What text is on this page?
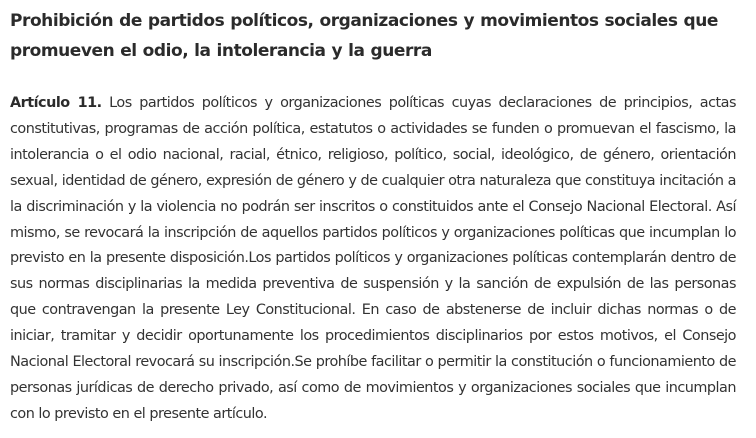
Prohibición de partidos políticos, organizaciones y movimientos sociales que promueven el odio, la intolerancia y la guerra

Artículo 11. Los partidos políticos y organizaciones políticas cuyas declaraciones de principios, actas constitutivas, programas de acción política, estatutos o actividades se funden o promuevan el fascismo, la intolerancia o el odio nacional, racial, étnico, religioso, político, social, ideológico, de género, orientación sexual, identidad de género, expresión de género y de cualquier otra naturaleza que constituya incitación a la discriminación y la violencia no podrán ser inscritos o constituidos ante el Consejo Nacional Electoral. Así mismo, se revocará la inscripción de aquellos partidos políticos y organizaciones políticas que incumplan lo previsto en la presente disposición.Los partidos políticos y organizaciones políticas contemplarán dentro de sus normas disciplinarias la medida preventiva de suspensión y la sanción de expulsión de las personas que contravengan la presente Ley Constitucional. En caso de abstenerse de incluir dichas normas o de iniciar, tramitar y decidir oportunamente los procedimientos disciplinarios por estos motivos, el Consejo Nacional Electoral revocará su inscripción.Se prohíbe facilitar o permitir la constitución o funcionamiento de personas jurídicas de derecho privado, así como de movimientos y organizaciones sociales que incumplan con lo previsto en el presente artículo.
